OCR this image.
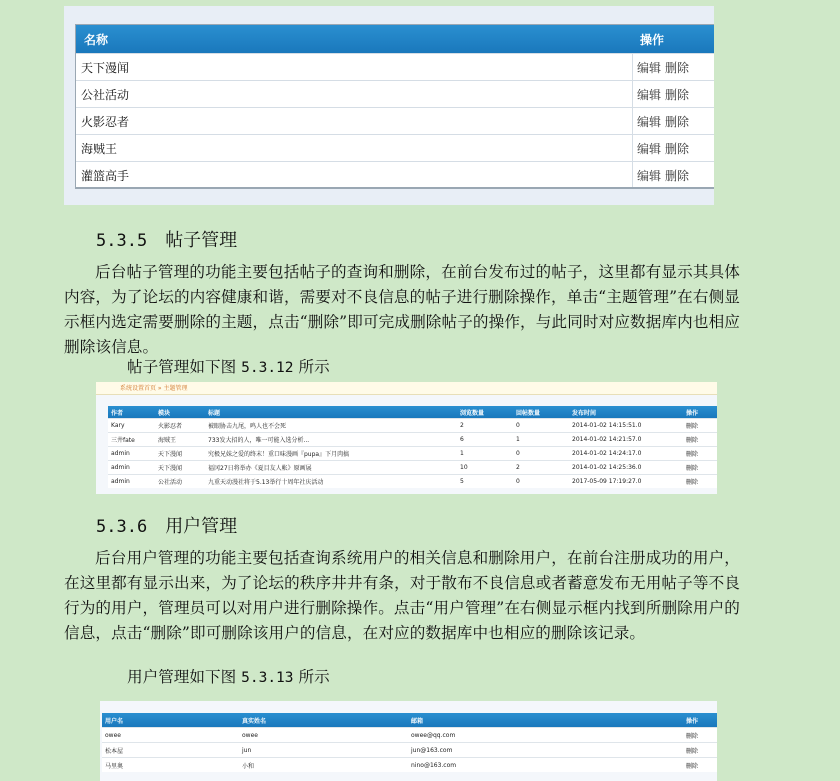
名称	操作
天下漫闻	编辑 删除
公社活动	编辑 删除
火影忍者	编辑 删除
海贼王	编辑 删除
灌篮高手	编辑 删除
5.3.5 帖子管理

后台帖子管理的功能主要包括帖子的查询和删除，在前台发布过的帖子，这里都有显示其具体内容，为了论坛的内容健康和谐，需要对不良信息的帖子进行删除操作，单击“主题管理”在右侧显示框内选定需要删除的主题，点击“删除”即可完成删除帖子的操作，与此同时对应数据库内也相应删除该信息。

帖子管理如下图 5.3.12 所示

系统设置首页 » 主题管理
作者	模块	标题	浏览数量	回帖数量	发布时间	操作
Kary	火影忍者	被眼胁击九尾，鸣人也不会死	2	0	2014-01-02 14:15:51.0	删除
三井fate	海贼王	733发大招的人，唯一可能入选分析...	6	1	2014-01-02 14:21:57.0	删除
admin	天下漫闻	究极兄妹之爱的终末！重口味漫画『pupa』下月肉搞	1	0	2014-01-02 14:24:17.0	删除
admin	天下漫闻	福冈27日将举办《夏目友人帐》原画展	10	2	2014-01-02 14:25:36.0	删除
admin	公社活动	九重天动漫社将于5.13举行十周年社庆活动	5	0	2017-05-09 17:19:27.0	删除
5.3.6 用户管理

后台用户管理的功能主要包括查询系统用户的相关信息和删除用户，在前台注册成功的用户，在这里都有显示出来，为了论坛的秩序井井有条，对于散布不良信息或者蓄意发布无用帖子等不良行为的用户，管理员可以对用户进行删除操作。点击“用户管理”在右侧显示框内找到所删除用户的信息，点击“删除”即可删除该用户的信息，在对应的数据库中也相应的删除该记录。

用户管理如下图 5.3.13 所示

用户名	真实姓名	邮箱	操作
owee	owee	owee@qq.com	删除
松本屋	jun	jun@163.com	删除
马里奥	小和	nino@163.com	删除
